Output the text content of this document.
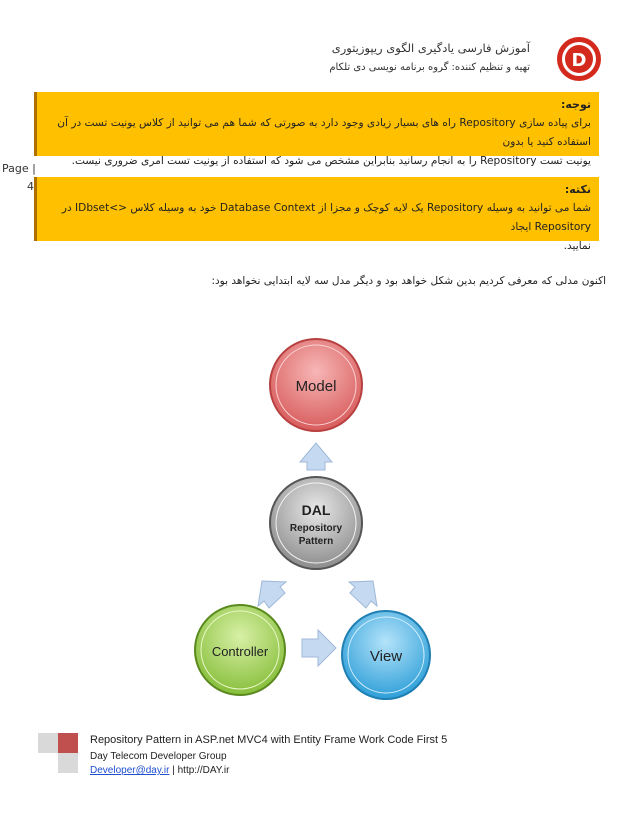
D
آموزش فارسی یادگیری الگوی ریپوزیتوری
تهیه و تنظیم کننده: گروه برنامه نویسی دی تلکام
Page |
4
توجه:
برای پیاده سازی Repository راه های بسیار زیادی وجود دارد به صورتی که شما هم می توانید از کلاس یونیت تست در آن استفاده کنید یا بدون
یونیت تست Repository را به انجام رسانید بنابراین مشخص می شود که استفاده از یونیت تست امری ضروری نیست.
نکته:
شما می توانید به وسیله Repository یک لایه کوچک و مجزا از Database Context خود به وسیله کلاس <>IDbset در Repository ایجاد
نمایید.
اکنون مدلی که معرفی کردیم بدین شکل خواهد بود و دیگر مدل سه لایه ابتدایی نخواهد بود:
Model
DAL
Repository
Pattern
Controller	View
Repository Pattern in ASP.net MVC4 with Entity Frame Work Code First 5
Day Telecom Developer Group
Developer@day.ir | http://DAY.ir
